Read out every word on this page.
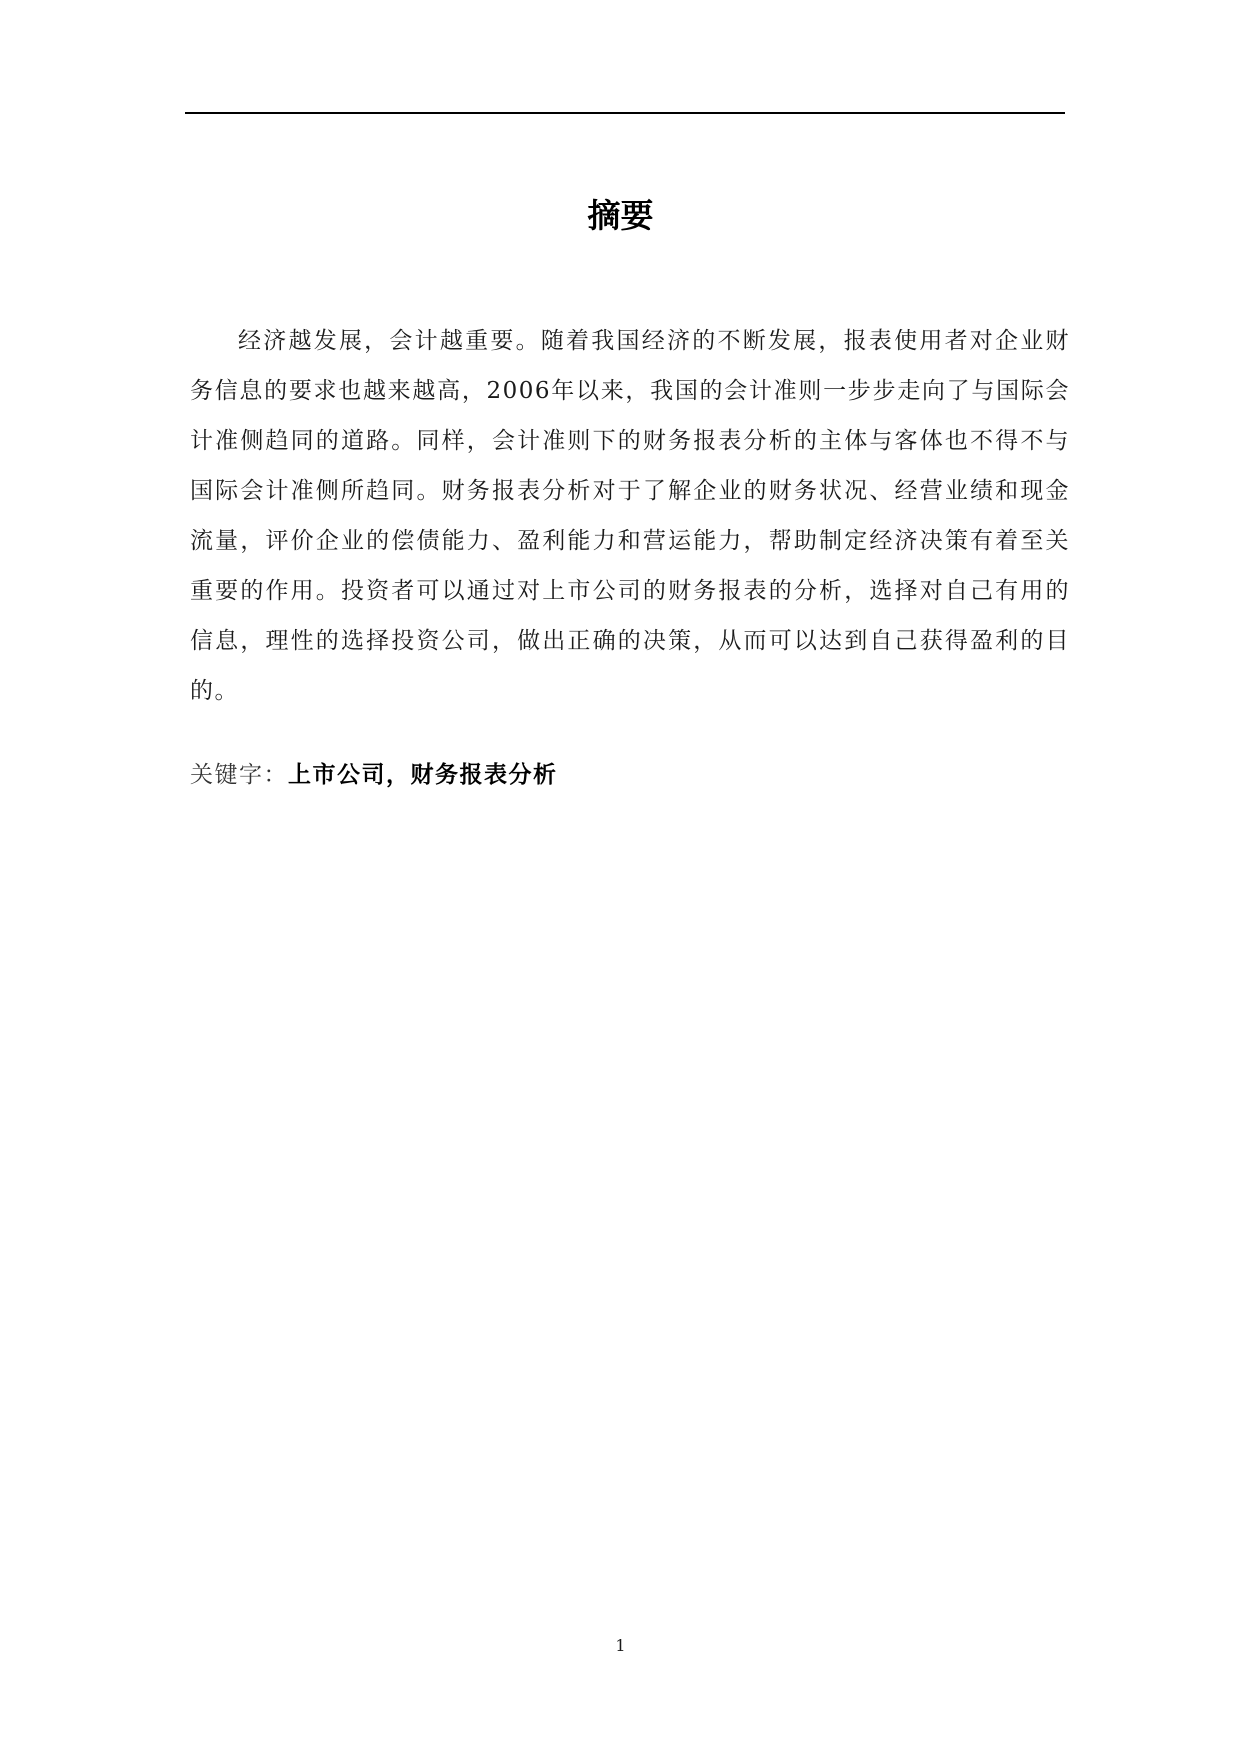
摘要

经济越发展，会计越重要。随着我国经济的不断发展，报表使用者对企业财务信息的要求也越来越高，2006年以来，我国的会计准则一步步走向了与国际会计准侧趋同的道路。同样，会计准则下的财务报表分析的主体与客体也不得不与国际会计准侧所趋同。财务报表分析对于了解企业的财务状况、经营业绩和现金流量，评价企业的偿债能力、盈利能力和营运能力，帮助制定经济决策有着至关重要的作用。投资者可以通过对上市公司的财务报表的分析，选择对自己有用的信息，理性的选择投资公司，做出正确的决策，从而可以达到自己获得盈利的目的。

关键字：上市公司，财务报表分析
1
